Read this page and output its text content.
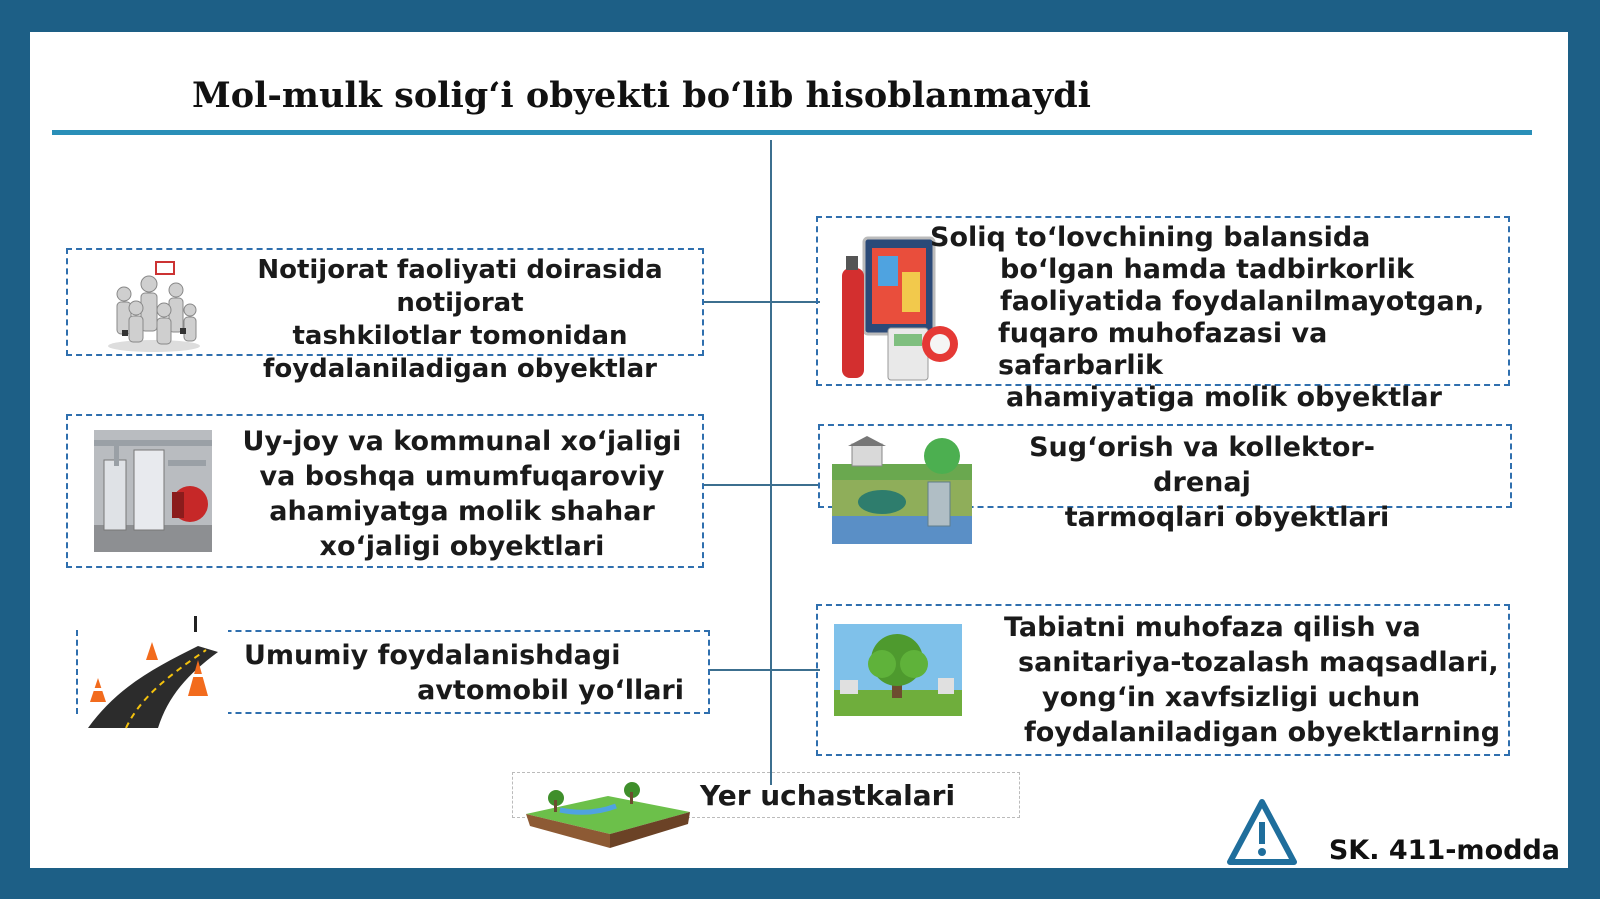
Mol-mulk solig‘i obyekti bo‘lib hisoblanmaydi
Notijorat faoliyati doirasida notijorat
tashkilotlar tomonidan
foydalaniladigan obyektlar
Uy-joy va kommunal xo‘jaligi
va boshqa umumfuqaroviy
ahamiyatga molik shahar
xo‘jaligi obyektlari
Umumiy foydalanishdagi
avtomobil yo‘llari
Soliq to‘lovchining balansida
bo‘lgan hamda tadbirkorlik
faoliyatida foydalanilmayotgan,
fuqaro muhofazasi va safarbarlik
ahamiyatiga molik obyektlar
Sug‘orish va kollektor-drenaj
tarmoqlari obyektlari
Tabiatni muhofaza qilish va
sanitariya-tozalash maqsadlari,
yong‘in xavfsizligi uchun
foydalaniladigan obyektlarning
Yer uchastkalari
SK. 411-modda
